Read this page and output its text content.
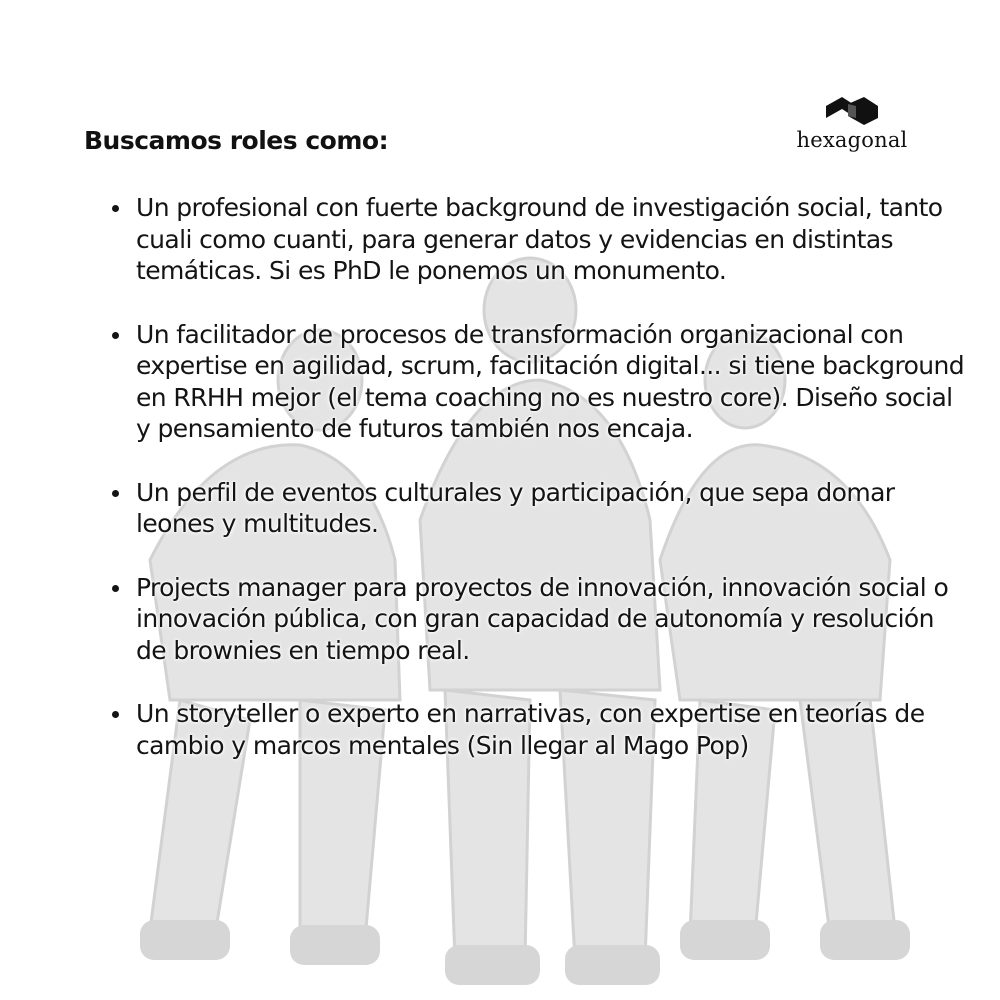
hexagonal
Buscamos roles como:
Un profesional con fuerte background de investigación social, tanto cuali como cuanti, para generar datos y evidencias en distintas temáticas. Si es PhD le ponemos un monumento.
Un facilitador de procesos de transformación organizacional con expertise en agilidad, scrum, facilitación digital... si tiene background en RRHH mejor (el tema coaching no es nuestro core). Diseño social y pensamiento de futuros también nos encaja.
Un perfil de eventos culturales y participación, que sepa domar leones y multitudes.
Projects manager para proyectos de innovación, innovación social o innovación pública, con gran capacidad de autonomía y resolución de brownies en tiempo real.
Un storyteller o experto en narrativas, con expertise en teorías de cambio y marcos mentales (Sin llegar al Mago Pop)
